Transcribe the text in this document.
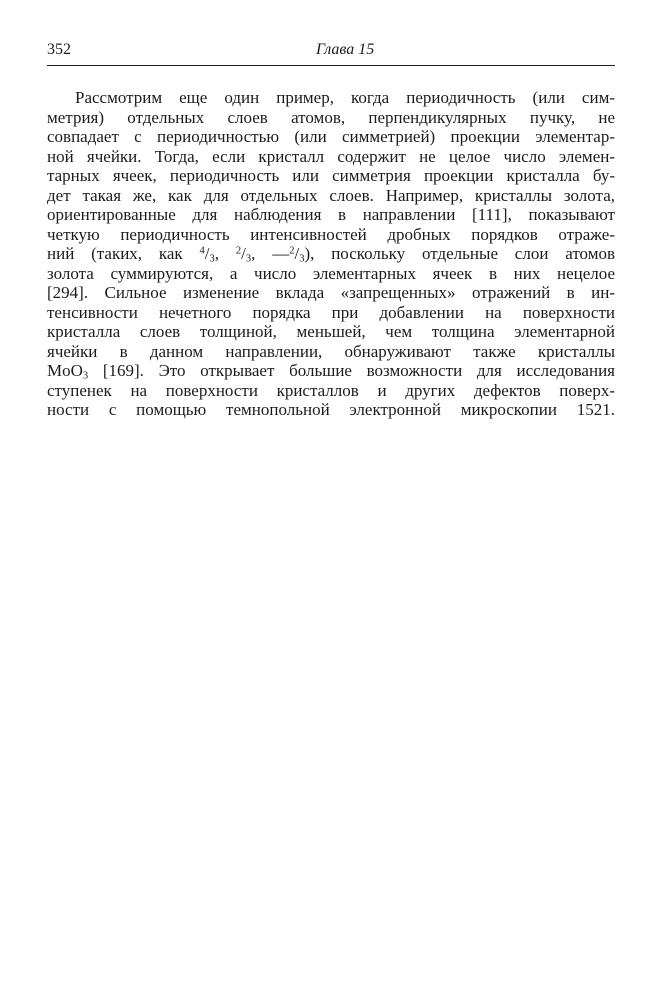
352	Глава 15
Рассмотрим еще один пример, когда периодичность (или сим-
метрия) отдельных слоев атомов, перпендикулярных пучку, не
совпадает с периодичностью (или симметрией) проекции элементар-
ной ячейки. Тогда, если кристалл содержит не целое число элемен-
тарных ячеек, периодичность или симметрия проекции кристалла бу-
дет такая же, как для отдельных слоев. Например, кристаллы золота,
ориентированные для наблюдения в направлении [111], показывают
четкую периодичность интенсивностей дробных порядков отраже-
ний (таких, как $^4/_3$, $^2/_3$, $—^2/_3$), поскольку отдельные слои атомов
золота суммируются, а число элементарных ячеек в них нецелое
[294]. Сильное изменение вклада «запрещенных» отражений в ин-
тенсивности нечетного порядка при добавлении на поверхности
кристалла слоев толщиной, меньшей, чем толщина элементарной
ячейки в данном направлении, обнаруживают также кристаллы
MoO$_3$ [169]. Это открывает большие возможности для исследования
ступенек на поверхности кристаллов и других дефектов поверх-
ности с помощью темнопольной электронной микроскопии 1521.
